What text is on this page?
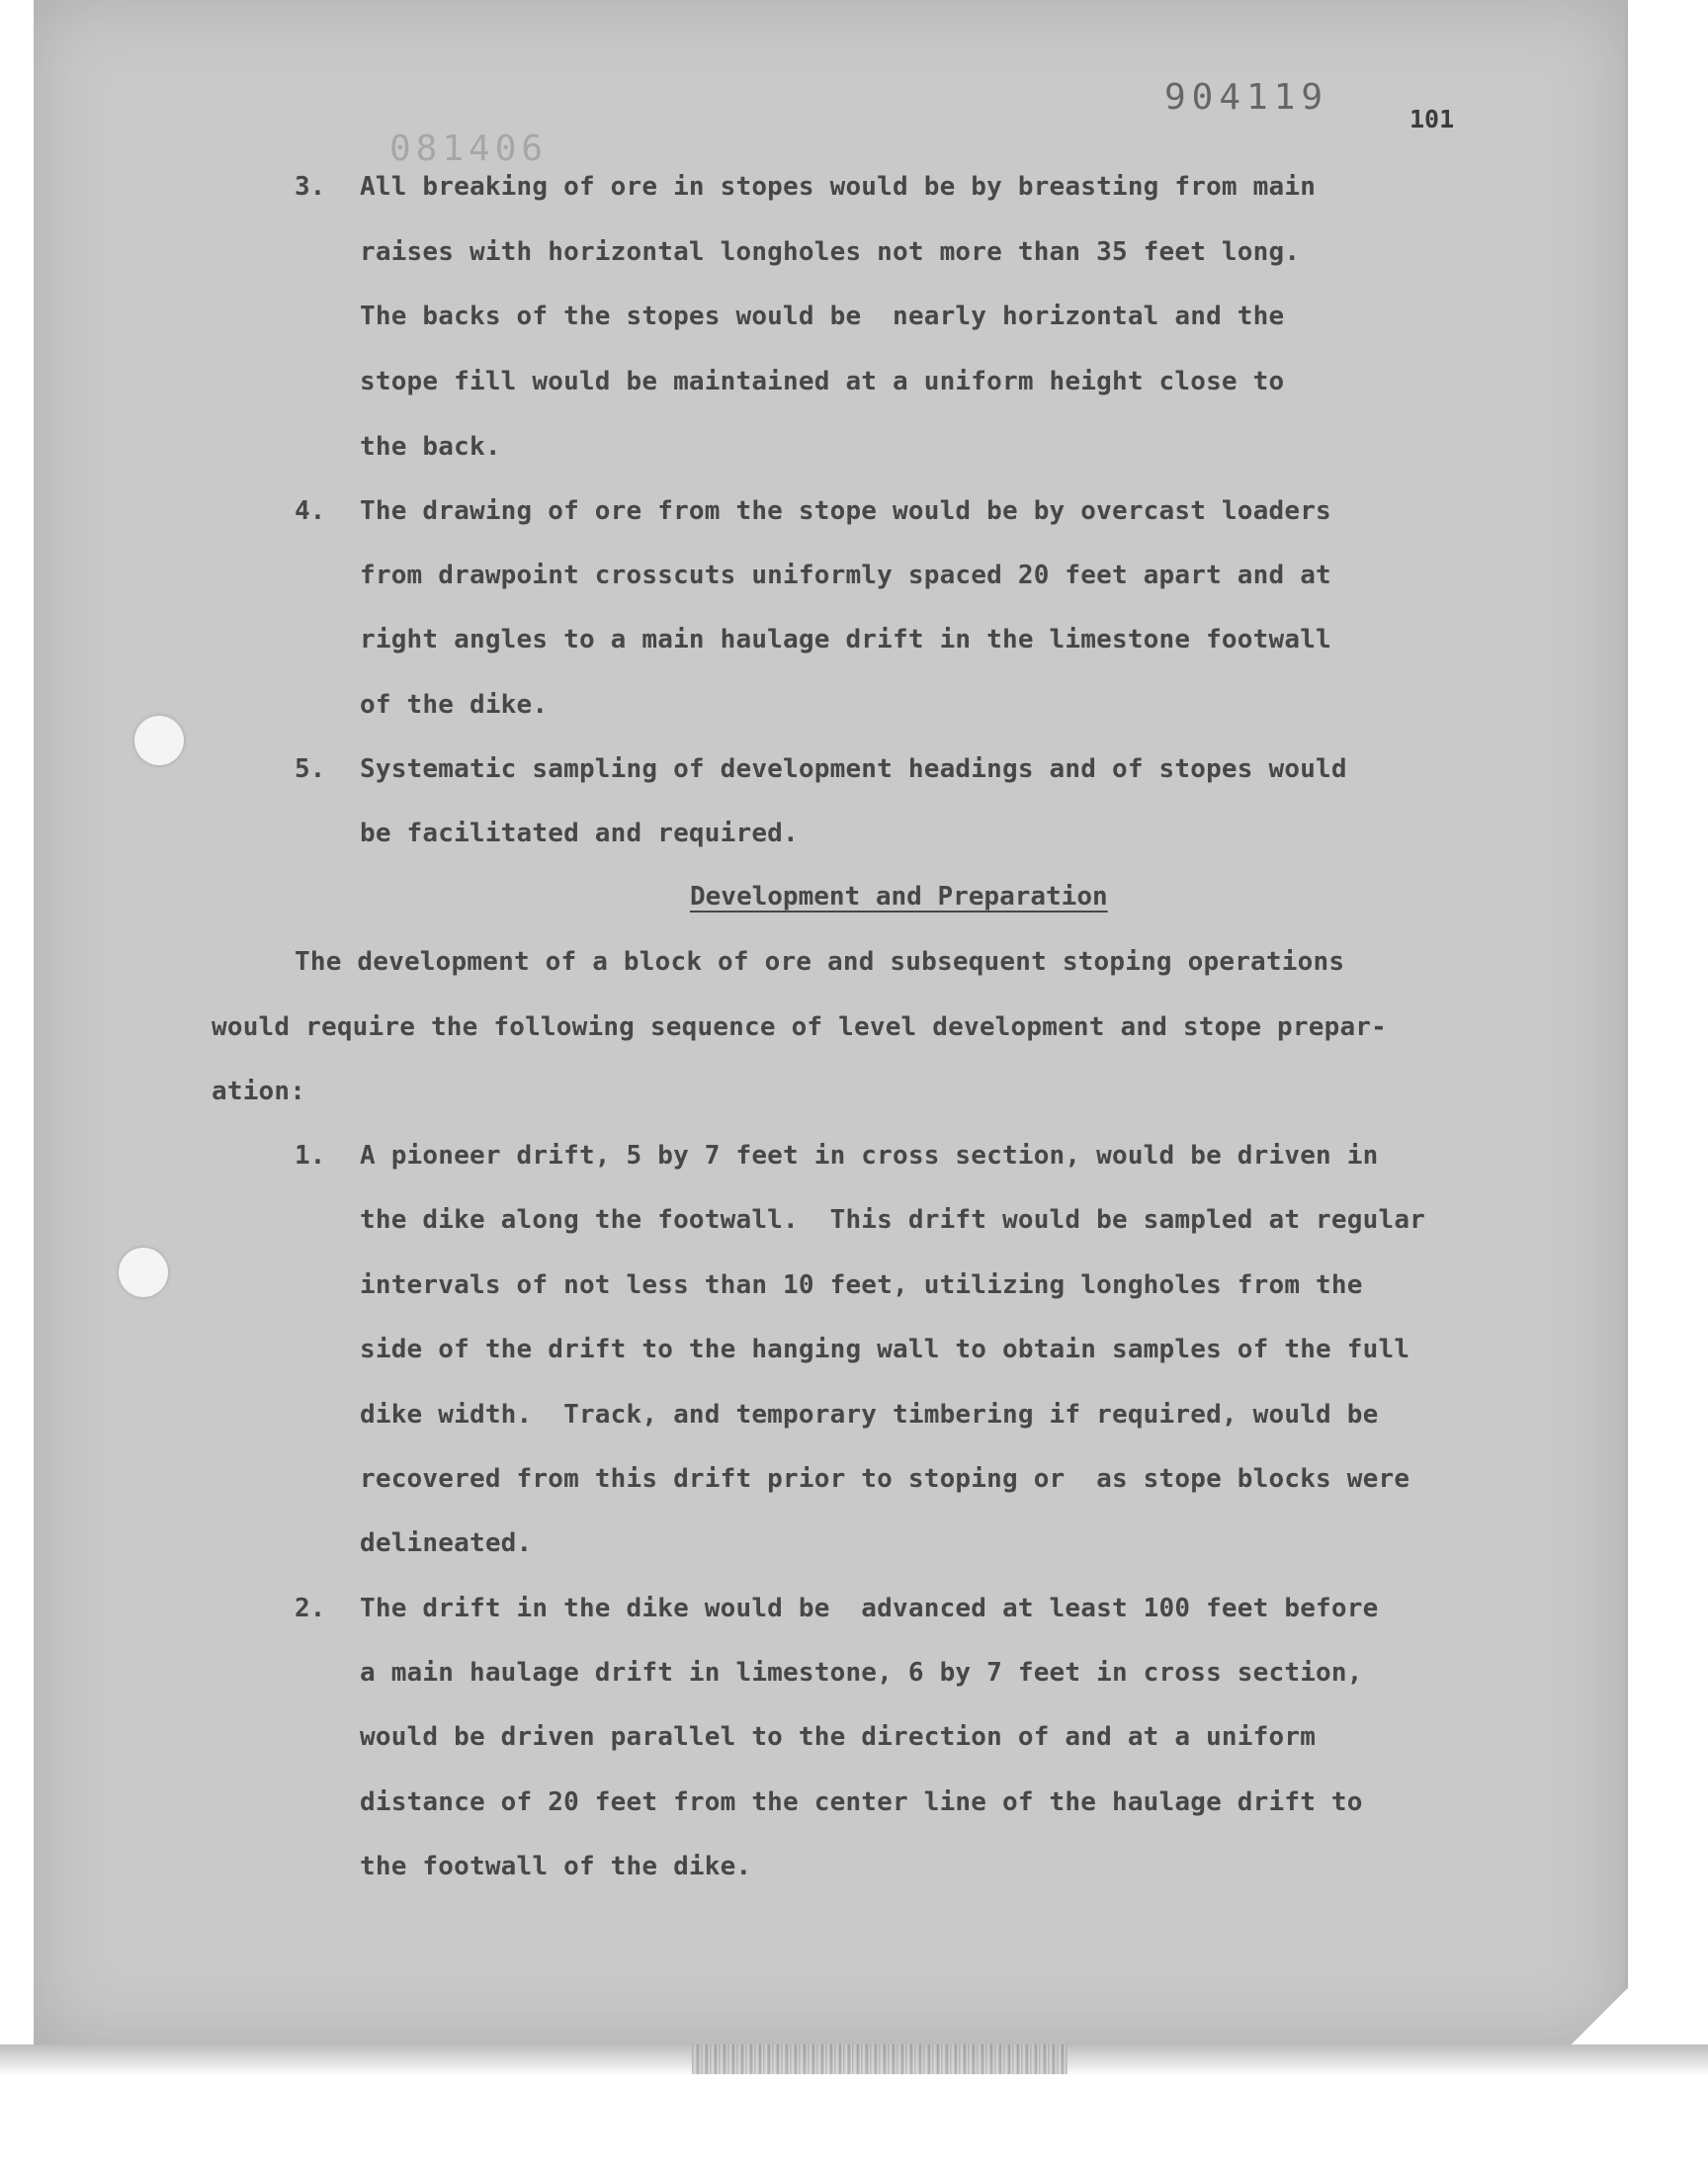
904119
081406
101
3. All breaking of ore in stopes would be by breasting from main
raises with horizontal longholes not more than 35 feet long.
The backs of the stopes would be  nearly horizontal and the
stope fill would be maintained at a uniform height close to
the back.
4. The drawing of ore from the stope would be by overcast loaders
from drawpoint crosscuts uniformly spaced 20 feet apart and at
right angles to a main haulage drift in the limestone footwall
of the dike.
5. Systematic sampling of development headings and of stopes would
be facilitated and required.
Development and Preparation
The development of a block of ore and subsequent stoping operations
would require the following sequence of level development and stope prepar-
ation:
1. A pioneer drift, 5 by 7 feet in cross section, would be driven in
the dike along the footwall.  This drift would be sampled at regular
intervals of not less than 10 feet, utilizing longholes from the
side of the drift to the hanging wall to obtain samples of the full
dike width.  Track, and temporary timbering if required, would be
recovered from this drift prior to stoping or  as stope blocks were
delineated.
2. The drift in the dike would be  advanced at least 100 feet before
a main haulage drift in limestone, 6 by 7 feet in cross section,
would be driven parallel to the direction of and at a uniform
distance of 20 feet from the center line of the haulage drift to
the footwall of the dike.
